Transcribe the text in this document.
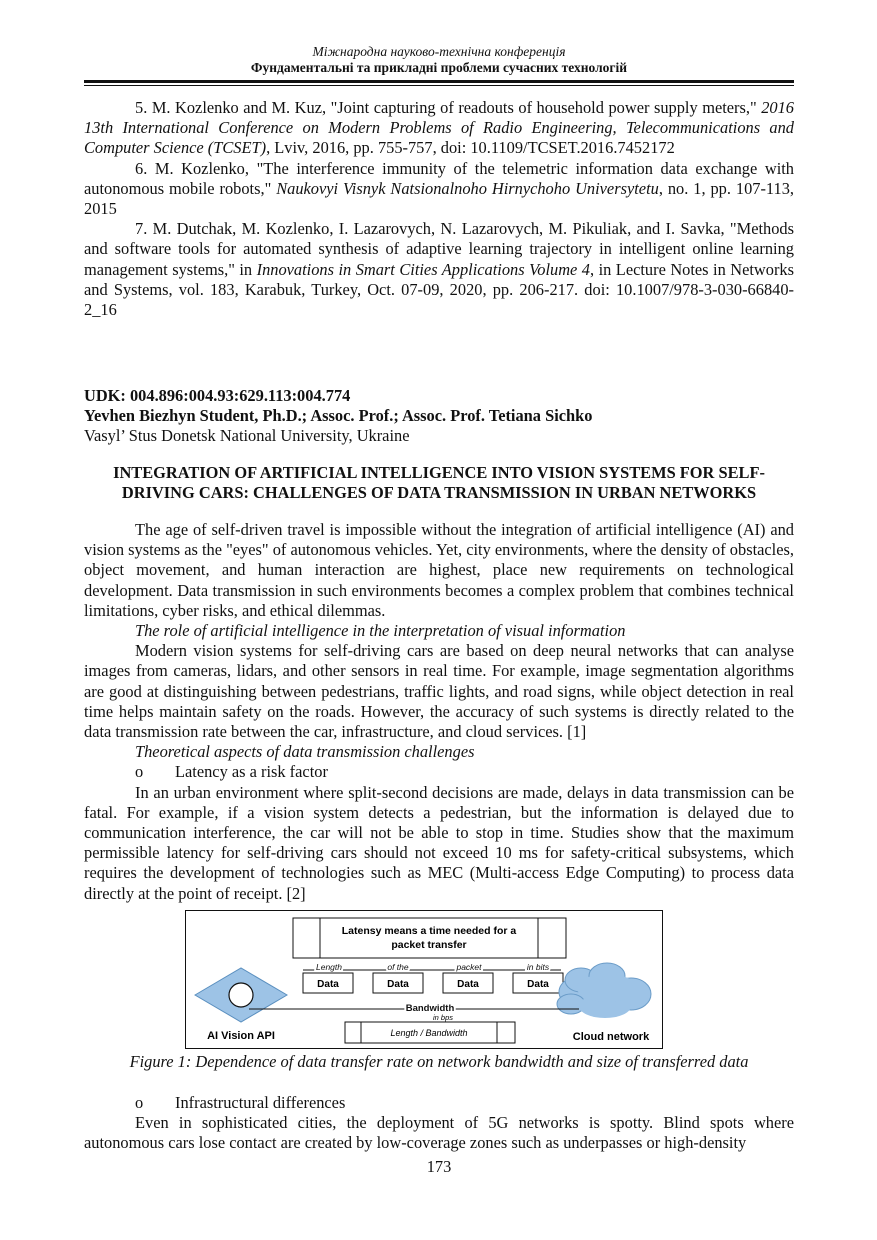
Міжнародна науково-технічна конференція
Фундаментальні та прикладні проблеми сучасних технологій

5. M. Kozlenko and M. Kuz, "Joint capturing of readouts of household power supply meters," 2016 13th International Conference on Modern Problems of Radio Engineering, Telecommunications and Computer Science (TCSET), Lviv, 2016, pp. 755-757, doi: 10.1109/TCSET.2016.7452172

6. M. Kozlenko, "The interference immunity of the telemetric information data exchange with autonomous mobile robots," Naukovyi Visnyk Natsionalnoho Hirnychoho Universytetu, no. 1, pp. 107-113, 2015

7. M. Dutchak, M. Kozlenko, I. Lazarovych, N. Lazarovych, M. Pikuliak, and I. Savka, "Methods and software tools for automated synthesis of adaptive learning trajectory in intelligent online learning management systems," in Innovations in Smart Cities Applications Volume 4, in Lecture Notes in Networks and Systems, vol. 183, Karabuk, Turkey, Oct. 07-09, 2020, pp. 206-217. doi: 10.1007/978-3-030-66840-2_16

UDK: 004.896:004.93:629.113:004.774

Yevhen Biezhyn Student, Ph.D.; Assoc. Prof.; Assoc. Prof. Tetiana Sichko

Vasyl’ Stus Donetsk National University, Ukraine

INTEGRATION OF ARTIFICIAL INTELLIGENCE INTO VISION SYSTEMS FOR SELF-

DRIVING CARS: CHALLENGES OF DATA TRANSMISSION IN URBAN NETWORKS

The age of self-driven travel is impossible without the integration of artificial intelligence (AI) and vision systems as the "eyes" of autonomous vehicles. Yet, city environments, where the density of obstacles, object movement, and human interaction are highest, place new requirements on technological development. Data transmission in such environments becomes a complex problem that combines technical limitations, cyber risks, and ethical dilemmas.

The role of artificial intelligence in the interpretation of visual information

Modern vision systems for self-driving cars are based on deep neural networks that can analyse images from cameras, lidars, and other sensors in real time. For example, image segmentation algorithms are good at distinguishing between pedestrians, traffic lights, and road signs, while object detection in real time helps maintain safety on the roads. However, the accuracy of such systems is directly related to the data transmission rate between the car, infrastructure, and cloud services. [1]

Theoretical aspects of data transmission challenges

o	Latency as a risk factor

In an urban environment where split-second decisions are made, delays in data transmission can be fatal. For example, if a vision system detects a pedestrian, but the information is delayed due to communication interference, the car will not be able to stop in time. Studies show that the maximum permissible latency for self-driving cars should not exceed 10 ms for safety-critical subsystems, which requires the development of technologies such as MEC (Multi-access Edge Computing) to process data directly at the point of receipt. [2]

Latensy means a time needed for a
packet transfer
Length	of the	packet	in bits
Data	Data	Data	Data
Bandwidth
in bps
Length / Bandwidth
AI Vision API	Cloud network
Figure 1: Dependence of data transfer rate on network bandwidth and size of transferred data
o	Infrastructural differences

Even in sophisticated cities, the deployment of 5G networks is spotty. Blind spots where autonomous cars lose contact are created by low-coverage zones such as underpasses or high-density

173
